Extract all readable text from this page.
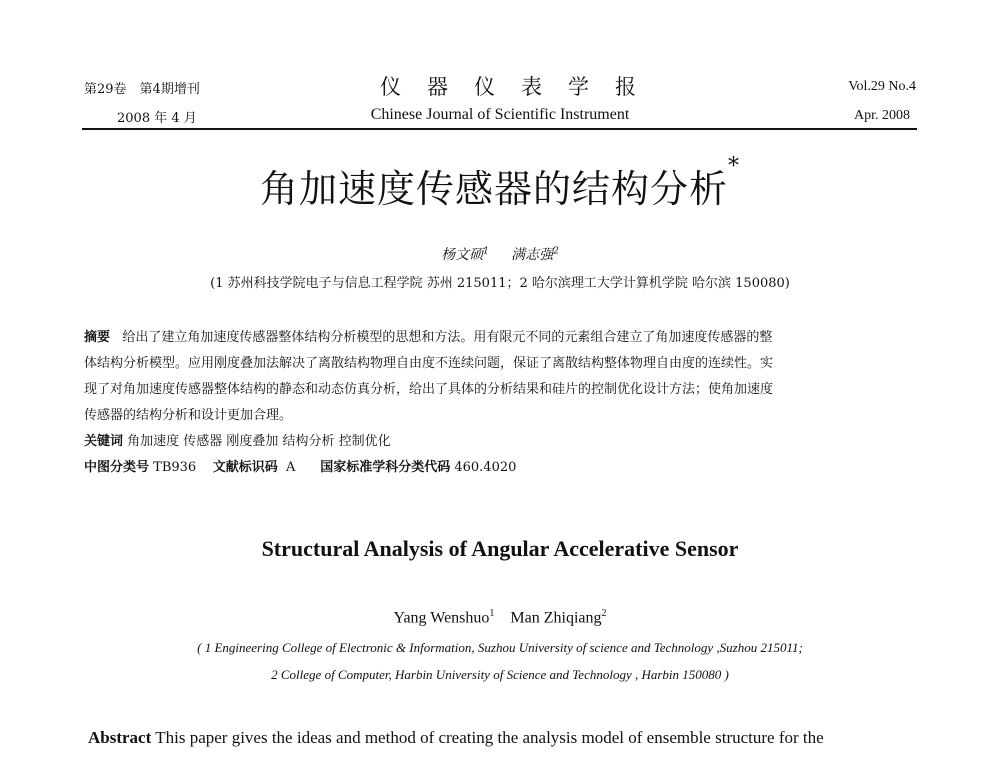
第29卷　第4期增刊
2008 年 4 月
仪器仪表学报
Chinese Journal of Scientific Instrument
Vol.29 No.4
Apr. 2008
角加速度传感器的结构分析*
杨文硕$^1$ 满志强$^2$
(1 苏州科技学院电子与信息工程学院 苏州 215011；2 哈尔滨理工大学计算机学院 哈尔滨 150080)
摘要 给出了建立角加速度传感器整体结构分析模型的思想和方法。用有限元不同的元素组合建立了角加速度传感器的整
体结构分析模型。应用刚度叠加法解决了离散结构物理自由度不连续问题，保证了离散结构整体物理自由度的连续性。实
现了对角加速度传感器整体结构的静态和动态仿真分析，给出了具体的分析结果和硅片的控制优化设计方法；使角加速度
传感器的结构分析和设计更加合理。
关键词 角加速度 传感器 刚度叠加 结构分析 控制优化
中图分类号 TB936 文献标识码 A 国家标准学科分类代码 460.4020
Structural Analysis of Angular Accelerative Sensor
Yang Wenshuo$^1$ Man Zhiqiang$^2$
( 1 Engineering College of Electronic & Information, Suzhou University of science and Technology ,Suzhou 215011;
2 College of Computer, Harbin University of Science and Technology , Harbin 150080 )
Abstract This paper gives the ideas and method of creating the analysis model of ensemble structure for the
